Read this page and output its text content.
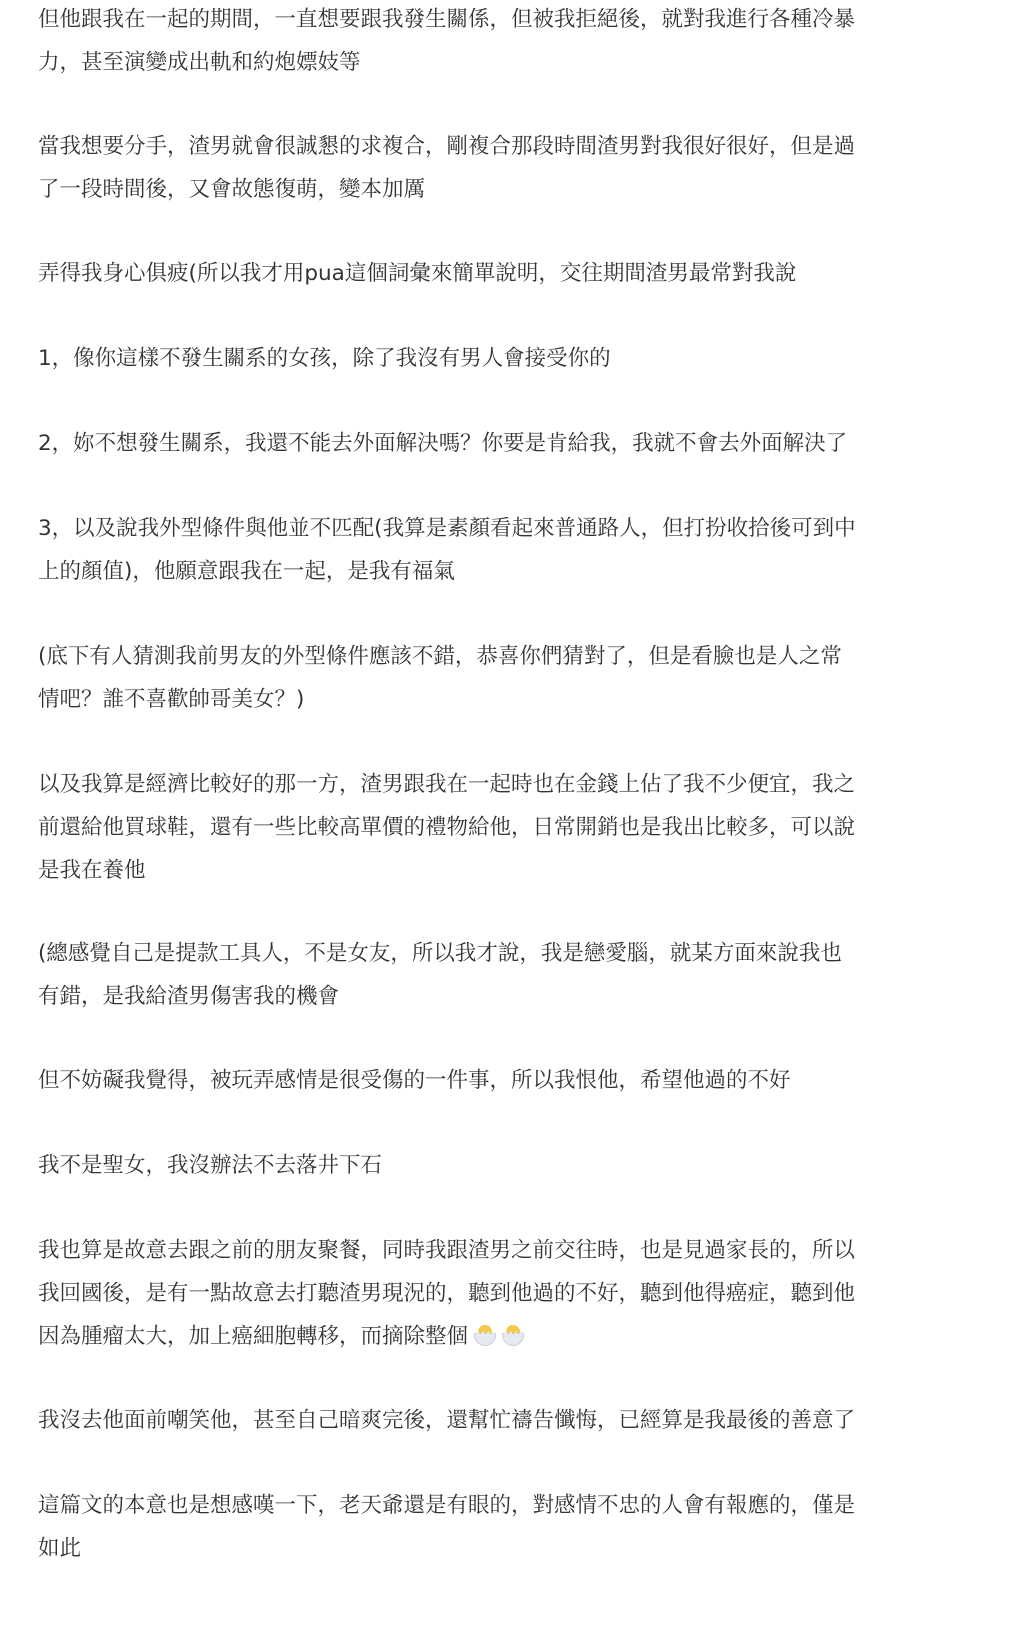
但他跟我在一起的期間，一直想要跟我發生關係，但被我拒絕後，就對我進行各種冷暴
力，甚至演變成出軌和約炮嫖妓等

當我想要分手，渣男就會很誠懇的求複合，剛複合那段時間渣男對我很好很好，但是過
了一段時間後，又會故態復萌，變本加厲

弄得我身心俱疲(所以我才用pua這個詞彙來簡單說明，交往期間渣男最常對我說

1，像你這樣不發生關系的女孩，除了我沒有男人會接受你的

2，妳不想發生關系，我還不能去外面解決嗎？你要是肯給我，我就不會去外面解決了

3，以及說我外型條件與他並不匹配(我算是素顏看起來普通路人，但打扮收拾後可到中
上的顏值)，他願意跟我在一起，是我有福氣

(底下有人猜測我前男友的外型條件應該不錯，恭喜你們猜對了，但是看臉也是人之常
情吧？誰不喜歡帥哥美女？)

以及我算是經濟比較好的那一方，渣男跟我在一起時也在金錢上佔了我不少便宜，我之
前還給他買球鞋，還有一些比較高單價的禮物給他，日常開銷也是我出比較多，可以說
是我在養他

(總感覺自己是提款工具人，不是女友，所以我才說，我是戀愛腦，就某方面來說我也
有錯，是我給渣男傷害我的機會

但不妨礙我覺得，被玩弄感情是很受傷的一件事，所以我恨他，希望他過的不好

我不是聖女，我沒辦法不去落井下石

我也算是故意去跟之前的朋友聚餐，同時我跟渣男之前交往時，也是見過家長的，所以
我回國後，是有一點故意去打聽渣男現況的，聽到他過的不好，聽到他得癌症，聽到他
因為腫瘤太大，加上癌細胞轉移，而摘除整個

我沒去他面前嘲笑他，甚至自己暗爽完後，還幫忙禱告懺悔，已經算是我最後的善意了

這篇文的本意也是想感嘆一下，老天爺還是有眼的，對感情不忠的人會有報應的，僅是
如此
